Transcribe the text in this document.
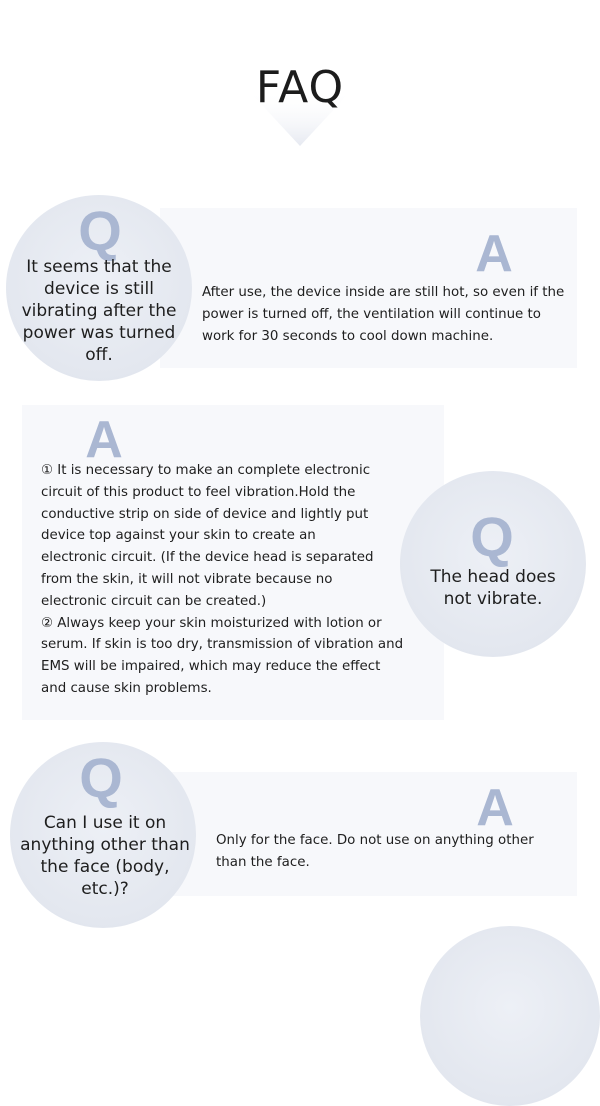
FAQ
Q
It seems that the device is still vibrating after the power was turned off.
A
After use, the device inside are still hot, so even if the power is turned off, the ventilation will continue to work for 30 seconds to cool down machine.
Q
The head does not vibrate.
A
① It is necessary to make an complete electronic
circuit of this product to feel vibration.Hold the
conductive strip on side of device and lightly put
device top against your skin to create an
electronic circuit. (If the device head is separated
from the skin, it will not vibrate because no
electronic circuit can be created.)
② Always keep your skin moisturized with lotion or
serum. If skin is too dry, transmission of vibration and
EMS will be impaired, which may reduce the effect
and cause skin problems.
Q
Can I use it on anything other than the face (body, etc.)?
A
Only for the face. Do not use on anything other than the face.
